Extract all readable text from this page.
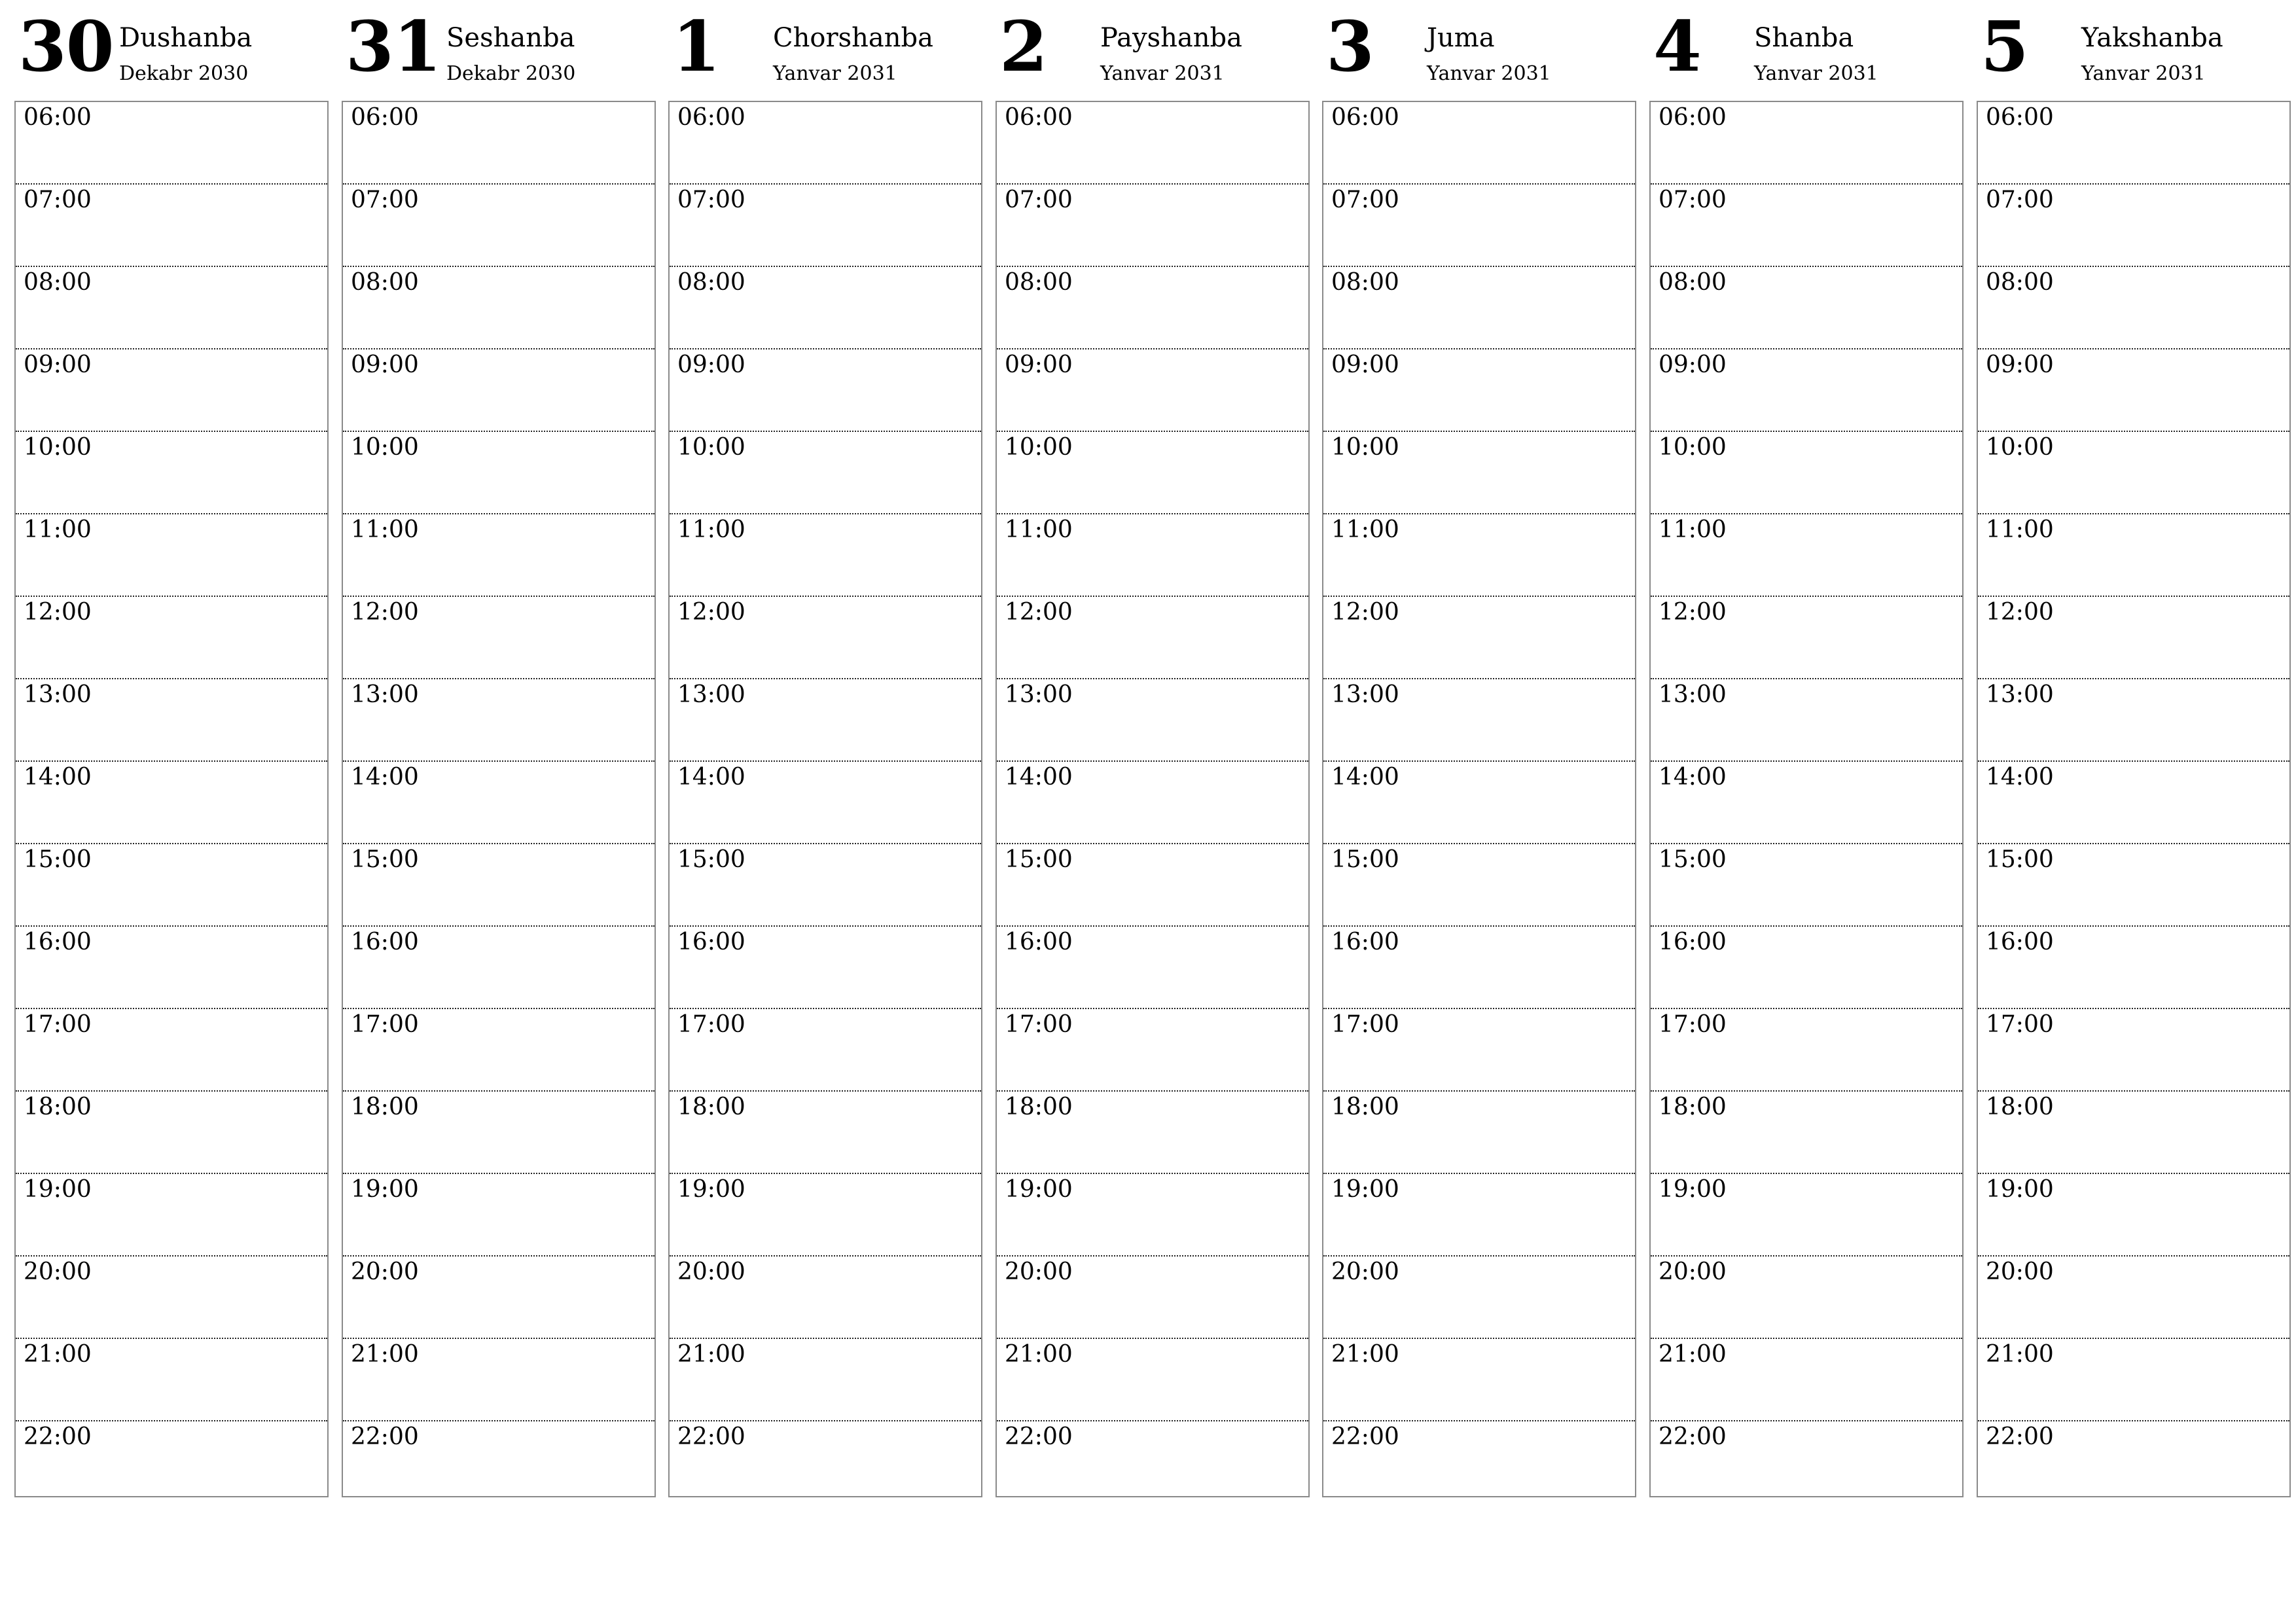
30 Dushanba
Dekabr 2030
06:00
07:00
08:00
09:00
10:00
11:00
12:00
13:00
14:00
15:00
16:00
17:00
18:00
19:00
20:00
21:00
22:00
31 Seshanba
Dekabr 2030
06:00
07:00
08:00
09:00
10:00
11:00
12:00
13:00
14:00
15:00
16:00
17:00
18:00
19:00
20:00
21:00
22:00
1 Chorshanba
Yanvar 2031
06:00
07:00
08:00
09:00
10:00
11:00
12:00
13:00
14:00
15:00
16:00
17:00
18:00
19:00
20:00
21:00
22:00
2 Payshanba
Yanvar 2031
06:00
07:00
08:00
09:00
10:00
11:00
12:00
13:00
14:00
15:00
16:00
17:00
18:00
19:00
20:00
21:00
22:00
3 Juma
Yanvar 2031
06:00
07:00
08:00
09:00
10:00
11:00
12:00
13:00
14:00
15:00
16:00
17:00
18:00
19:00
20:00
21:00
22:00
4 Shanba
Yanvar 2031
06:00
07:00
08:00
09:00
10:00
11:00
12:00
13:00
14:00
15:00
16:00
17:00
18:00
19:00
20:00
21:00
22:00
5 Yakshanba
Yanvar 2031
06:00
07:00
08:00
09:00
10:00
11:00
12:00
13:00
14:00
15:00
16:00
17:00
18:00
19:00
20:00
21:00
22:00
